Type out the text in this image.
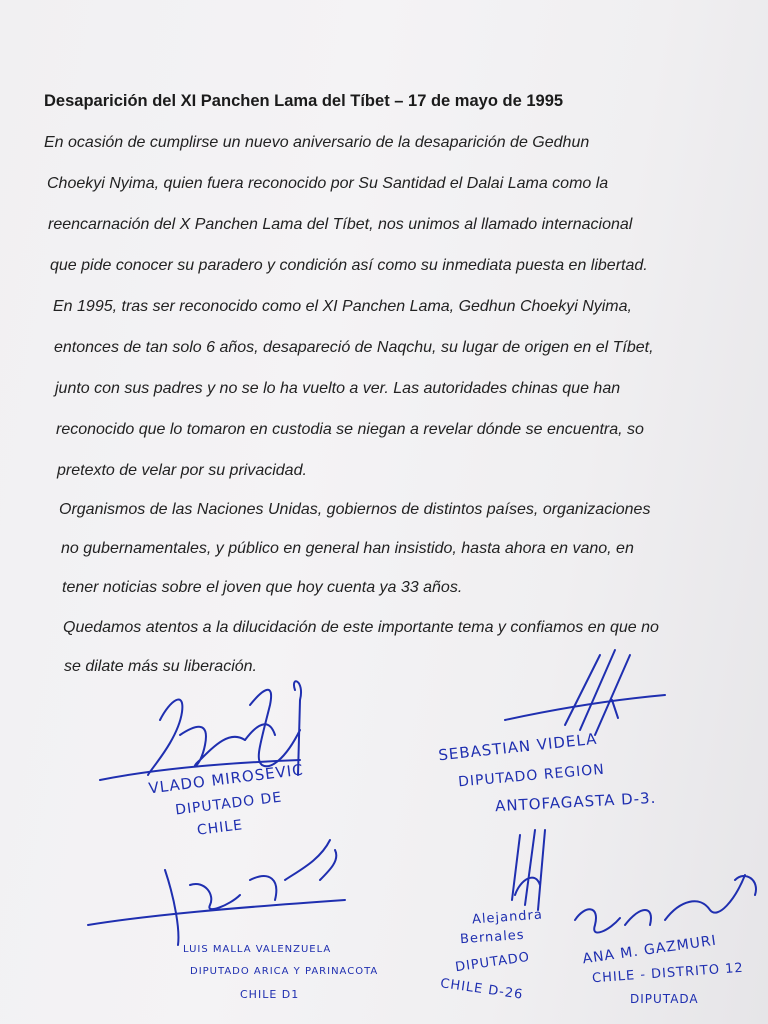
Desaparición del XI Panchen Lama del Tíbet – 17 de mayo de 1995
En ocasión de cumplirse un nuevo aniversario de la desaparición de Gedhun
Choekyi Nyima, quien fuera reconocido por Su Santidad el Dalai Lama como la
reencarnación del X Panchen Lama del Tíbet, nos unimos al llamado internacional
que pide conocer su paradero y condición así como su inmediata puesta en libertad.
En 1995, tras ser reconocido como el XI Panchen Lama, Gedhun Choekyi Nyima,
entonces de tan solo 6 años, desapareció de Naqchu, su lugar de origen en el Tíbet,
junto con sus padres y no se lo ha vuelto a ver. Las autoridades chinas que han
reconocido que lo tomaron en custodia se niegan a revelar dónde se encuentra, so
pretexto de velar por su privacidad.
Organismos de las Naciones Unidas, gobiernos de distintos países, organizaciones
no gubernamentales, y público en general han insistido, hasta ahora en vano, en
tener noticias sobre el joven que hoy cuenta ya 33 años.
Quedamos atentos a la dilucidación de este importante tema y confiamos en que no
se dilate más su liberación.
VLADO MIROSEVIC
DIPUTADO DE
CHILE
SEBASTIAN VIDELA
DIPUTADO REGION
ANTOFAGASTA D-3.
LUIS MALLA VALENZUELA
DIPUTADO ARICA Y PARINACOTA
CHILE D1
Alejandra
Bernales
DIPUTADO
CHILE D-26
ANA M. GAZMURI
CHILE - DISTRITO 12
DIPUTADA
